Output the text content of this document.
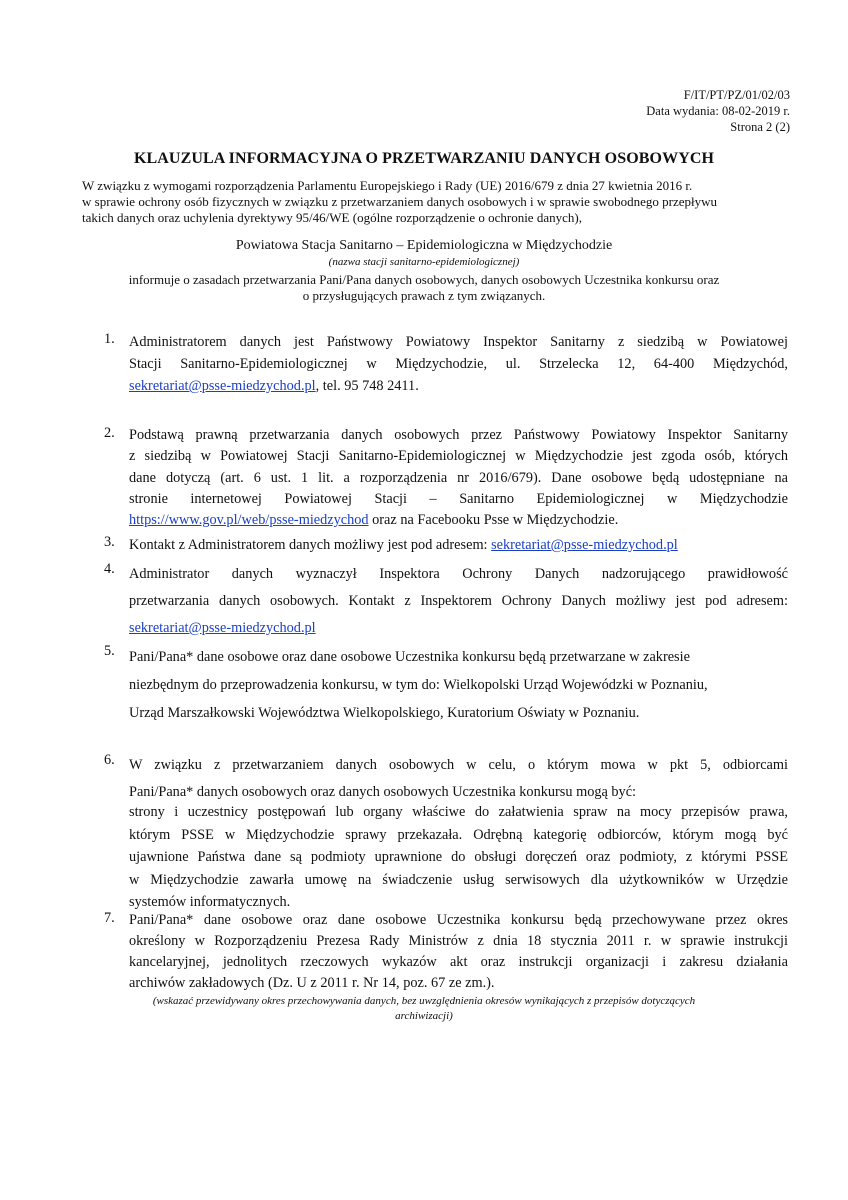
F/IT/PT/PZ/01/02/03
Data wydania: 08-02-2019 r.
Strona 2 (2)
KLAUZULA INFORMACYJNA O PRZETWARZANIU DANYCH OSOBOWYCH
W związku z wymogami rozporządzenia Parlamentu Europejskiego i Rady (UE) 2016/679 z dnia 27 kwietnia 2016 r.
w sprawie ochrony osób fizycznych w związku z przetwarzaniem danych osobowych i w sprawie swobodnego przepływu
takich danych oraz uchylenia dyrektywy 95/46/WE (ogólne rozporządzenie o ochronie danych),
Powiatowa Stacja Sanitarno – Epidemiologiczna w Międzychodzie
(nazwa stacji sanitarno-epidemiologicznej)
informuje o zasadach przetwarzania Pani/Pana danych osobowych, danych osobowych Uczestnika konkursu oraz
o przysługujących prawach z tym związanych.
1. Administratorem danych jest Państwowy Powiatowy Inspektor Sanitarny z siedzibą w Powiatowej
Stacji Sanitarno-Epidemiologicznej w Międzychodzie, ul. Strzelecka 12, 64-400 Międzychód,
sekretariat@psse-miedzychod.pl, tel. 95 748 2411.
2. Podstawą prawną przetwarzania danych osobowych przez Państwowy Powiatowy Inspektor Sanitarny
z siedzibą w Powiatowej Stacji Sanitarno-Epidemiologicznej w Międzychodzie jest zgoda osób, których
dane dotyczą (art. 6 ust. 1 lit. a rozporządzenia nr 2016/679). Dane osobowe będą udostępniane na
stronie internetowej Powiatowej Stacji – Sanitarno Epidemiologicznej w Międzychodzie
https://www.gov.pl/web/psse-miedzychod oraz na Facebooku Psse w Międzychodzie.
3. Kontakt z Administratorem danych możliwy jest pod adresem: sekretariat@psse-miedzychod.pl
4. Administrator danych wyznaczył Inspektora Ochrony Danych nadzorującego prawidłowość
przetwarzania danych osobowych. Kontakt z Inspektorem Ochrony Danych możliwy jest pod adresem:
sekretariat@psse-miedzychod.pl
5. Pani/Pana* dane osobowe oraz dane osobowe Uczestnika konkursu będą przetwarzane w zakresie
niezbędnym do przeprowadzenia konkursu, w tym do: Wielkopolski Urząd Wojewódzki w Poznaniu,
Urząd Marszałkowski Województwa Wielkopolskiego, Kuratorium Oświaty w Poznaniu.
6. W związku z przetwarzaniem danych osobowych w celu, o którym mowa w pkt 5, odbiorcami
Pani/Pana* danych osobowych oraz danych osobowych Uczestnika konkursu mogą być:
strony i uczestnicy postępowań lub organy właściwe do załatwienia spraw na mocy przepisów prawa,
którym PSSE w Międzychodzie sprawy przekazała. Odrębną kategorię odbiorców, którym mogą być
ujawnione Państwa dane są podmioty uprawnione do obsługi doręczeń oraz podmioty, z którymi PSSE
w Międzychodzie zawarła umowę na świadczenie usług serwisowych dla użytkowników w Urzędzie
systemów informatycznych.
7. Pani/Pana* dane osobowe oraz dane osobowe Uczestnika konkursu będą przechowywane przez okres
określony w Rozporządzeniu Prezesa Rady Ministrów z dnia 18 stycznia 2011 r. w sprawie instrukcji
kancelaryjnej, jednolitych rzeczowych wykazów akt oraz instrukcji organizacji i zakresu działania
archiwów zakładowych (Dz. U z 2011 r. Nr 14, poz. 67 ze zm.).
(wskazać przewidywany okres przechowywania danych, bez uwzględnienia okresów wynikających z przepisów dotyczących
archiwizacji)
